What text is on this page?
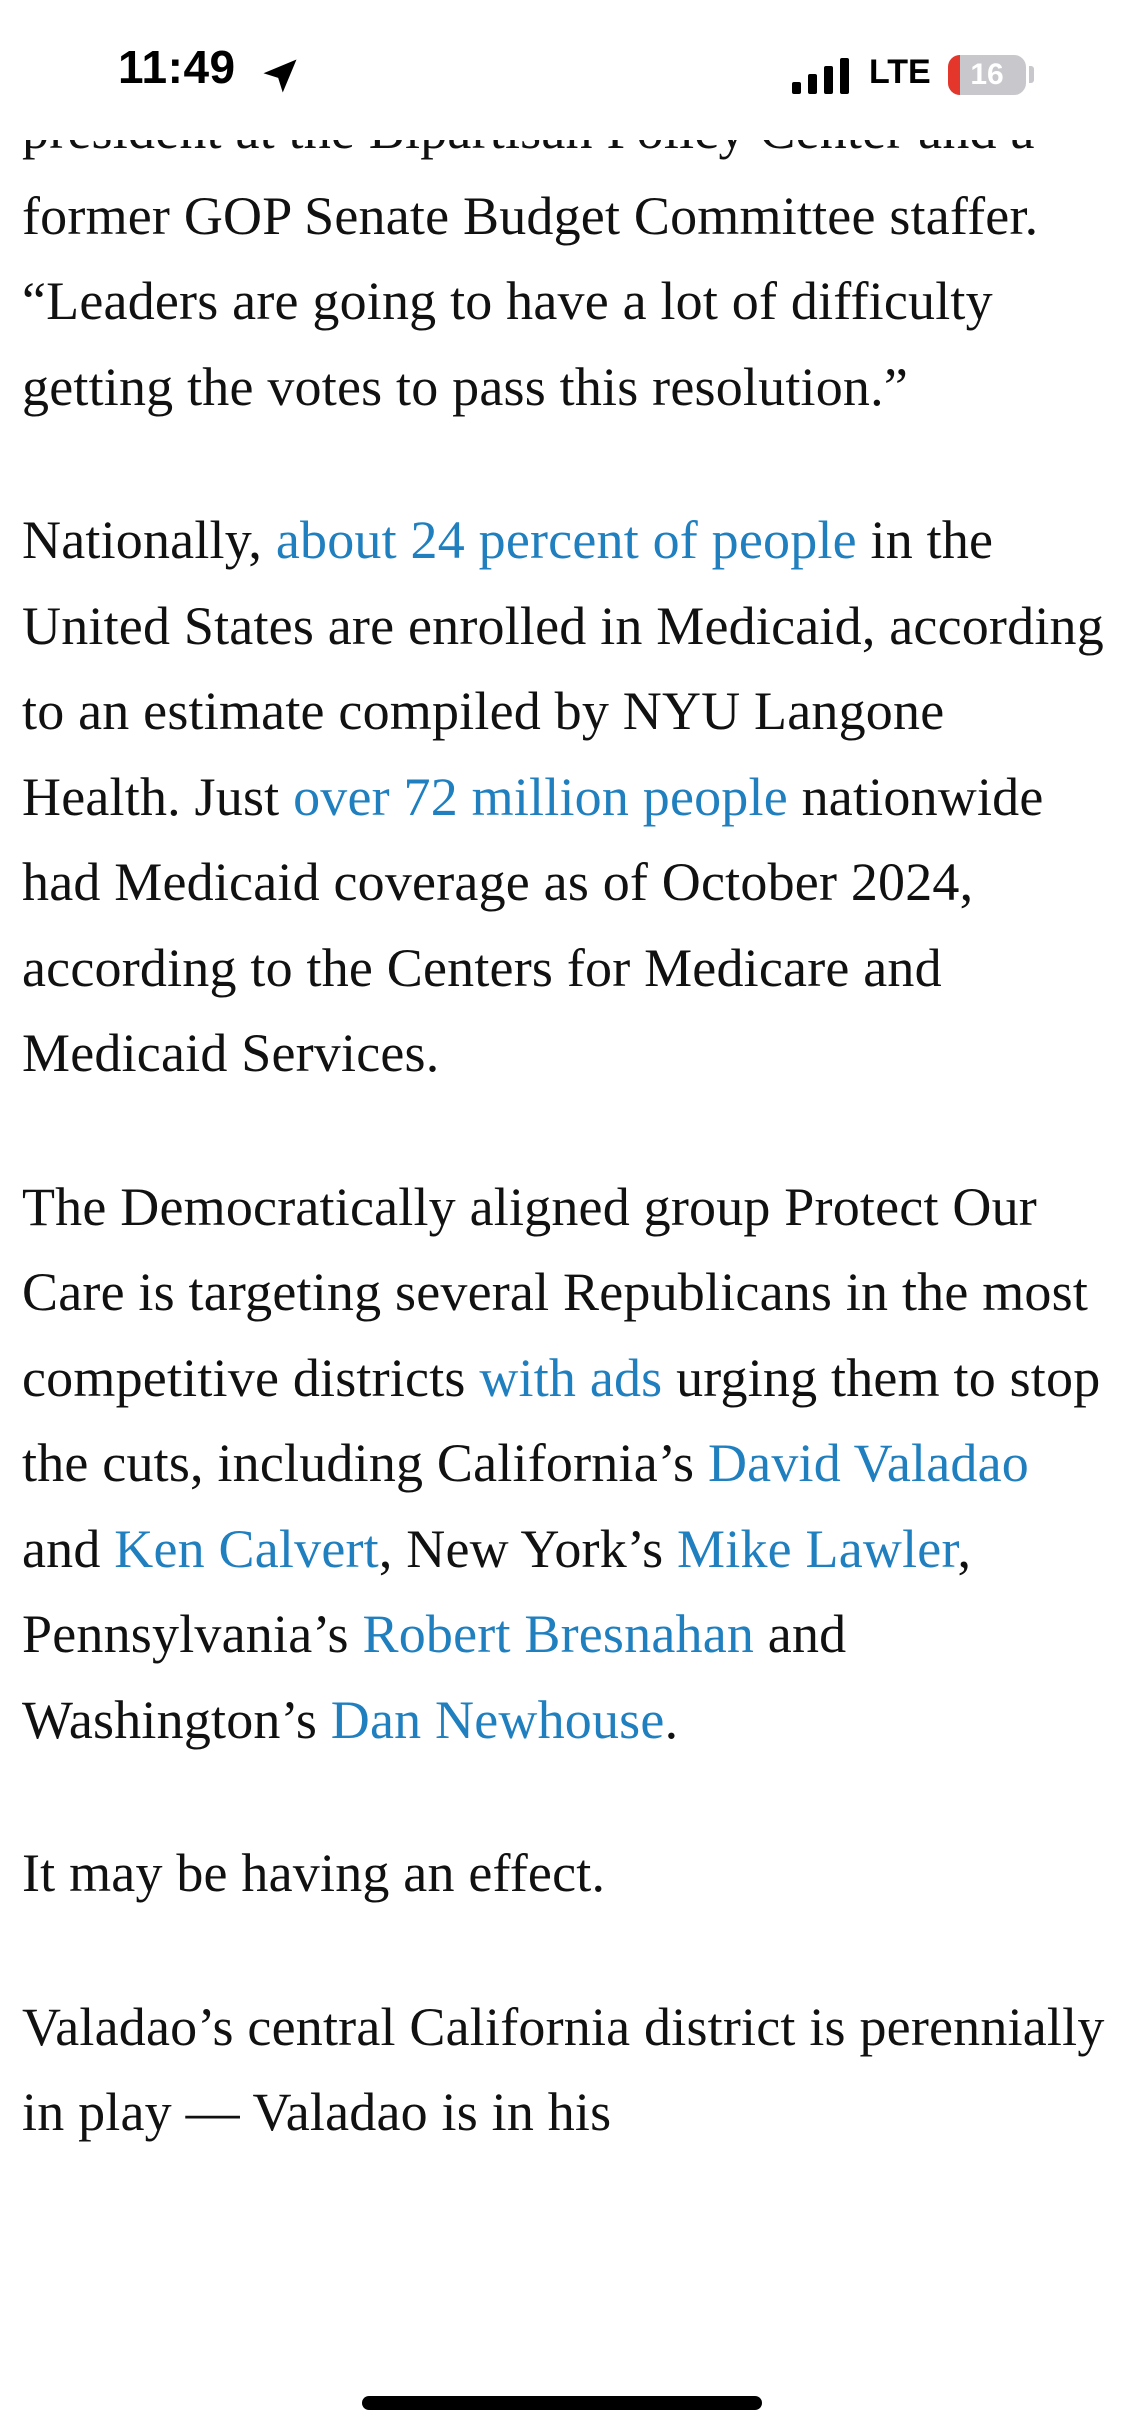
former GOP Senate Budget Committee staffer. “Leaders are going to have a lot of difficulty getting the votes to pass this resolution.”

Nationally, about 24 percent of people in the United States are enrolled in Medicaid, according to an estimate compiled by NYU Langone Health. Just over 72 million people nationwide had Medicaid coverage as of October 2024, according to the Centers for Medicare and Medicaid Services.

The Democratically aligned group Protect Our Care is targeting several Republicans in the most competitive districts with ads urging them to stop the cuts, including California’s David Valadao and Ken Calvert, New York’s Mike Lawler, Pennsylvania’s Robert Bresnahan and Washington’s Dan Newhouse.

It may be having an effect.

Valadao’s central California district is perennially in play — Valadao is in his

11:49	LTE	16
